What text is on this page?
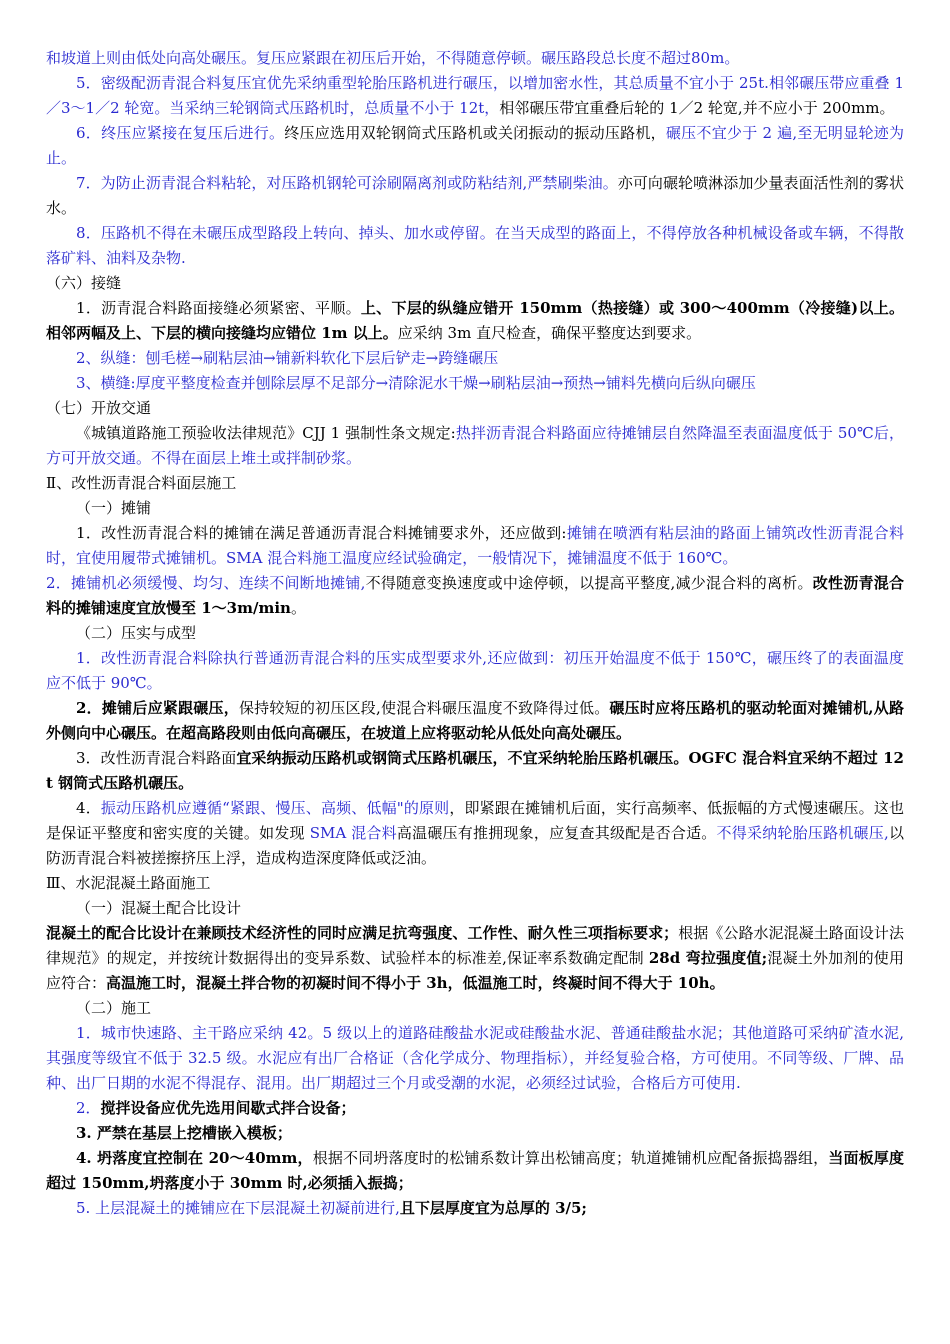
和坡道上则由低处向高处碾压。复压应紧跟在初压后开始，不得随意停顿。碾压路段总长度不超过80m。

5．密级配沥青混合料复压宜优先采纳重型轮胎压路机进行碾压，以增加密水性，其总质量不宜小于 25t.相邻碾压带应重叠 1／3～1／2 轮宽。当采纳三轮钢筒式压路机时，总质量不小于 12t，相邻碾压带宜重叠后轮的 1／2 轮宽,并不应小于 200mm。

6．终压应紧接在复压后进行。终压应选用双轮钢筒式压路机或关闭振动的振动压路机，碾压不宜少于 2 遍,至无明显轮迹为止。

7．为防止沥青混合料粘轮，对压路机钢轮可涂刷隔离剂或防粘结剂,严禁刷柴油。亦可向碾轮喷淋添加少量表面活性剂的雾状水。

8．压路机不得在未碾压成型路段上转向、掉头、加水或停留。在当天成型的路面上，不得停放各种机械设备或车辆，不得散落矿料、油料及杂物.

（六）接缝

1．沥青混合料路面接缝必须紧密、平顺。上、下层的纵缝应错开 150mm（热接缝）或 300～400mm（冷接缝)以上。相邻两幅及上、下层的横向接缝均应错位 1m 以上。应采纳 3m 直尺检查，确保平整度达到要求。

2、纵缝：刨毛槎→刷粘层油→铺新料软化下层后铲走→跨缝碾压

3、横缝:厚度平整度检查并刨除层厚不足部分→清除泥水干燥→刷粘层油→预热→铺料先横向后纵向碾压

（七）开放交通

《城镇道路施工预验收法律规范》CJJ 1 强制性条文规定:热拌沥青混合料路面应待摊铺层自然降温至表面温度低于 50℃后，方可开放交通。不得在面层上堆土或拌制砂浆。

Ⅱ、改性沥青混合料面层施工

（一）摊铺

1．改性沥青混合料的摊铺在满足普通沥青混合料摊铺要求外，还应做到:摊铺在喷洒有粘层油的路面上铺筑改性沥青混合料时，宜使用履带式摊铺机。SMA 混合料施工温度应经试验确定，一般情况下，摊铺温度不低于 160℃。

2．摊铺机必须缓慢、均匀、连续不间断地摊铺,不得随意变换速度或中途停顿，以提高平整度,减少混合料的离析。改性沥青混合料的摊铺速度宜放慢至 1～3m/min。

（二）压实与成型

1．改性沥青混合料除执行普通沥青混合料的压实成型要求外,还应做到：初压开始温度不低于 150℃，碾压终了的表面温度应不低于 90℃。

2．摊铺后应紧跟碾压，保持较短的初压区段,使混合料碾压温度不致降得过低。碾压时应将压路机的驱动轮面对摊铺机,从路外侧向中心碾压。在超高路段则由低向高碾压，在坡道上应将驱动轮从低处向高处碾压。

3．改性沥青混合料路面宜采纳振动压路机或钢筒式压路机碾压，不宜采纳轮胎压路机碾压。OGFC 混合料宜采纳不超过 12t 钢筒式压路机碾压。

4．振动压路机应遵循“紧跟、慢压、高频、低幅"的原则，即紧跟在摊铺机后面，实行高频率、低振幅的方式慢速碾压。这也是保证平整度和密实度的关键。如发现 SMA 混合料高温碾压有推拥现象，应复查其级配是否合适。不得采纳轮胎压路机碾压,以防沥青混合料被搓擦挤压上浮，造成构造深度降低或泛油。

Ⅲ、水泥混凝土路面施工

（一）混凝土配合比设计

混凝土的配合比设计在兼顾技术经济性的同时应满足抗弯强度、工作性、耐久性三项指标要求；根据《公路水泥混凝土路面设计法律规范》的规定，并按统计数据得出的变异系数、试验样本的标准差,保证率系数确定配制 28d 弯拉强度值;混凝土外加剂的使用应符合：高温施工时，混凝土拌合物的初凝时间不得小于 3h，低温施工时，终凝时间不得大于 10h。

（二）施工

1．城市快速路、主干路应采纳 42。5 级以上的道路硅酸盐水泥或硅酸盐水泥、普通硅酸盐水泥；其他道路可采纳矿渣水泥,其强度等级宜不低于 32.5 级。水泥应有出厂合格证（含化学成分、物理指标），并经复验合格，方可使用。不同等级、厂牌、品种、出厂日期的水泥不得混存、混用。出厂期超过三个月或受潮的水泥，必须经过试验，合格后方可使用.

2．搅拌设备应优先选用间歇式拌合设备；

3. 严禁在基层上挖槽嵌入模板；

4. 坍落度宜控制在 20～40mm，根据不同坍落度时的松铺系数计算出松铺高度；轨道摊铺机应配备振捣器组，当面板厚度超过 150mm,坍落度小于 30mm 时,必须插入振捣；

5. 上层混凝土的摊铺应在下层混凝土初凝前进行,且下层厚度宜为总厚的 3/5;
